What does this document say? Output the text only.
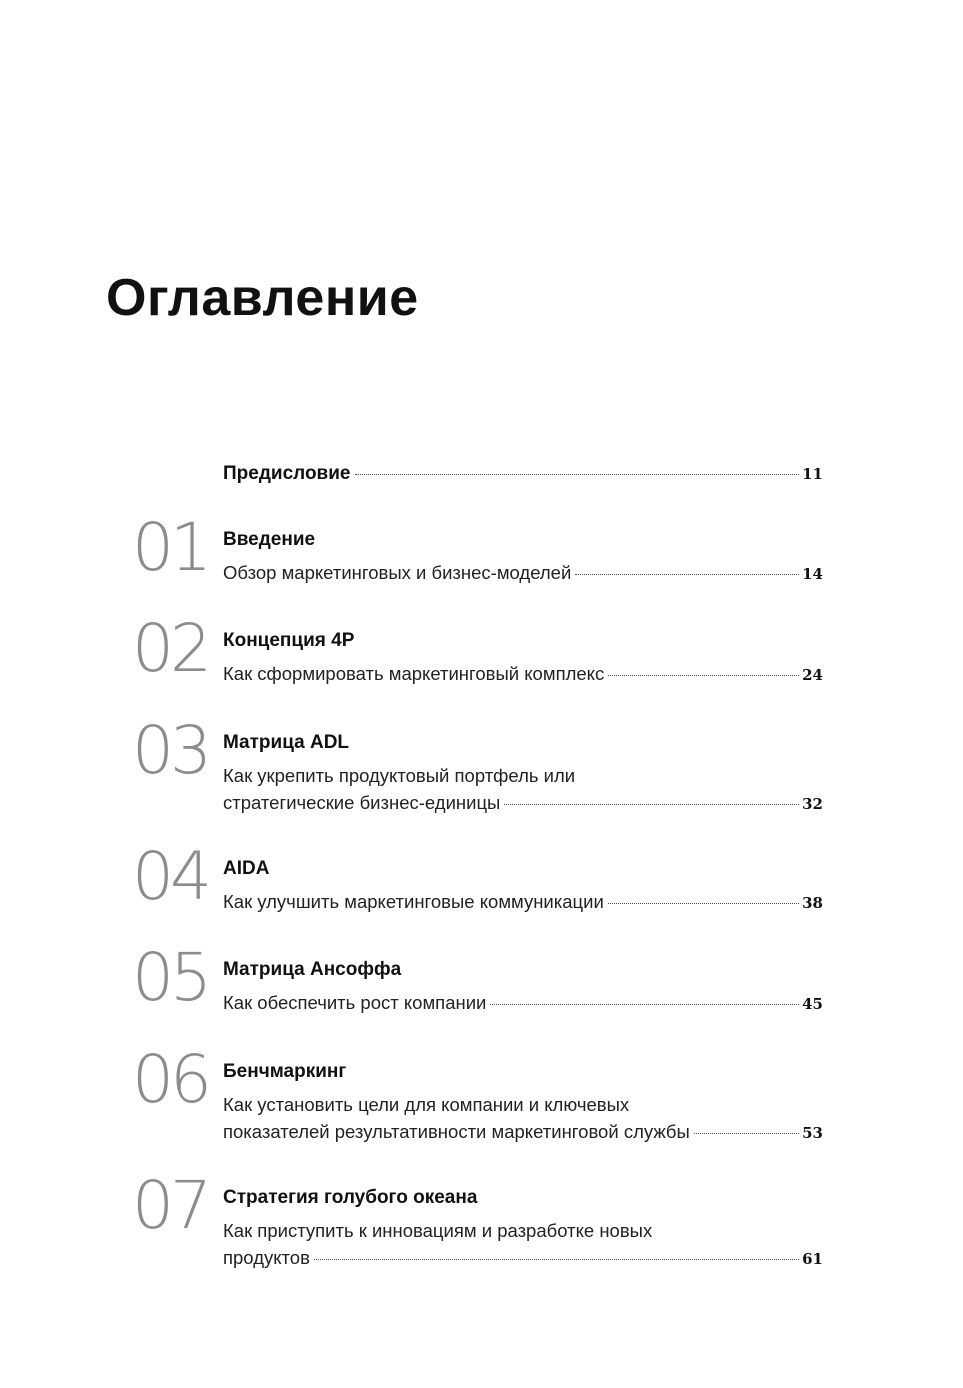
Оглавление
Предисловие	11
01 Введение
Обзор маркетинговых и бизнес-моделей	14
02 Концепция 4P
Как сформировать маркетинговый комплекс	24
03 Матрица ADL
Как укрепить продуктовый портфель или
стратегические бизнес-единицы	32
04 AIDA
Как улучшить маркетинговые коммуникации	38
05 Матрица Ансоффа
Как обеспечить рост компании	45
06 Бенчмаркинг
Как установить цели для компании и ключевых
показателей результативности маркетинговой службы	53
07 Стратегия голубого океана
Как приступить к инновациям и разработке новых
продуктов	61
